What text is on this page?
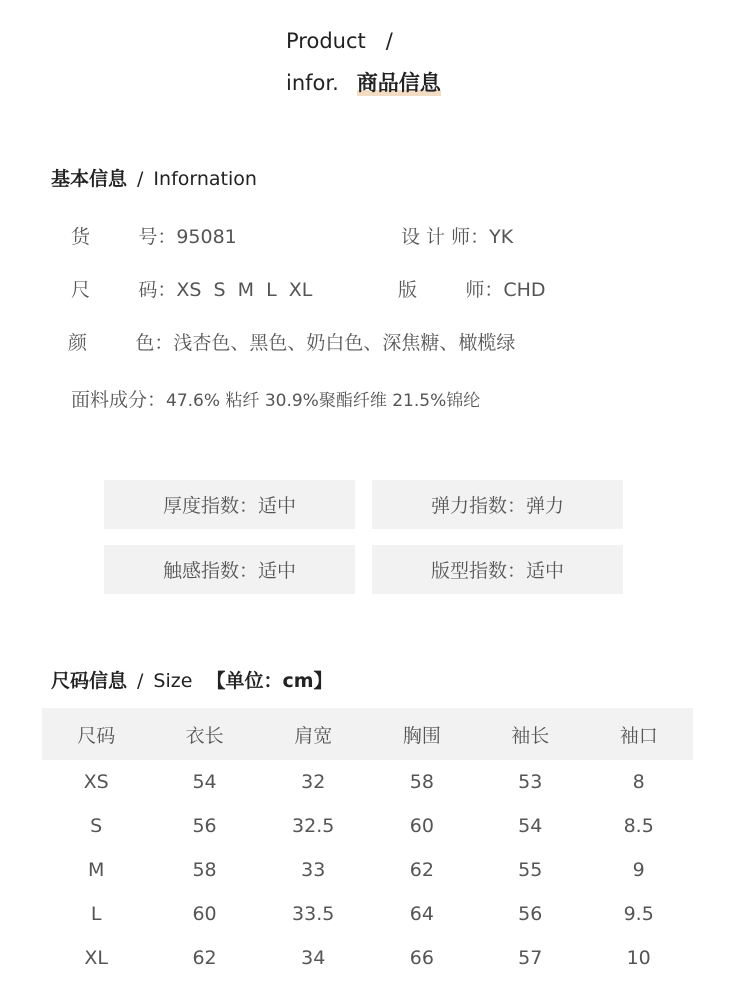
Product   /
infor. 商品信息
基本信息 / Infornation
货        号：95081	设 计 师：YK
尺        码：XS  S  M  L  XL	版        师：CHD
颜        色：浅杏色、黑色、奶白色、深焦糖、橄榄绿
面料成分：47.6% 粘纤 30.9%聚酯纤维 21.5%锦纶
厚度指数：适中	弹力指数：弹力
触感指数：适中	版型指数：适中
尺码信息 / Size 【单位：cm】
尺码	衣长	肩宽	胸围	袖长	袖口
XS	54	32	58	53	8
S	56	32.5	60	54	8.5
M	58	33	62	55	9
L	60	33.5	64	56	9.5
XL	62	34	66	57	10
